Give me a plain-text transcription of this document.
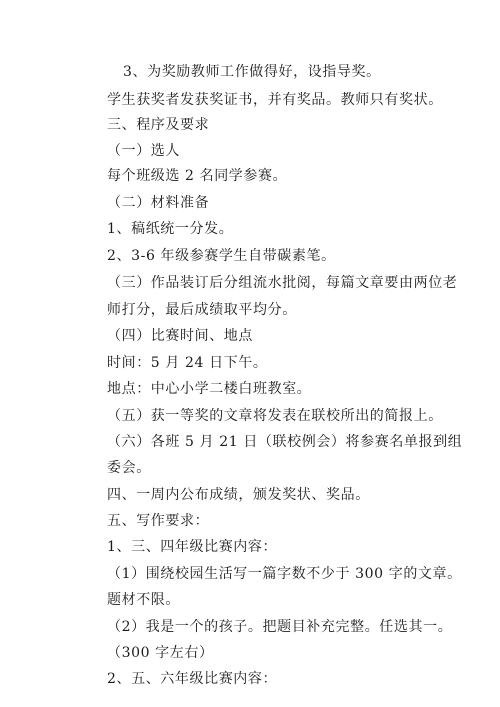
3、为奖励教师工作做得好，设指导奖。
学生获奖者发获奖证书，并有奖品。教师只有奖状。
三、程序及要求
（一）选人
每个班级选 2 名同学参赛。
（二）材料准备
1、稿纸统一分发。
2、3-6 年级参赛学生自带碳素笔。
（三）作品装订后分组流水批阅，每篇文章要由两位老
师打分，最后成绩取平均分。
（四）比赛时间、地点
时间：5 月 24 日下午。
地点：中心小学二楼白班教室。
（五）获一等奖的文章将发表在联校所出的简报上。
（六）各班 5 月 21 日（联校例会）将参赛名单报到组
委会。
四、一周内公布成绩，颁发奖状、奖品。
五、写作要求：
1、三、四年级比赛内容：
（1）围绕校园生活写一篇字数不少于 300 字的文章。
题材不限。
（2）我是一个的孩子。把题目补充完整。任选其一。
（300 字左右）
2、五、六年级比赛内容：
